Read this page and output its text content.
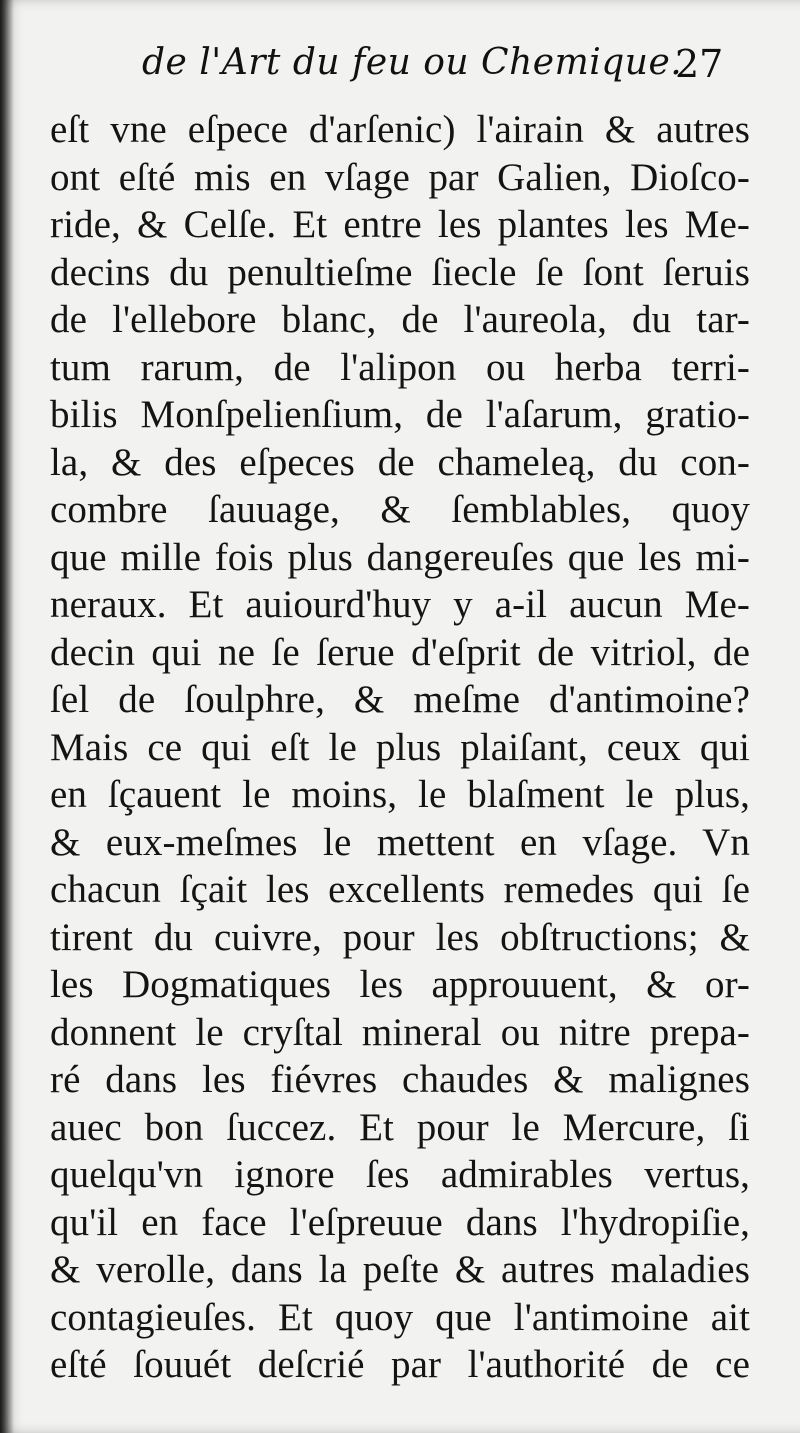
de l'Art du feu ou Chemique.
27
eſt vne eſpece d'arſenic) l'airain & autres
ont eſté mis en vſage par Galien, Dioſco-
ride, & Celſe. Et entre les plantes les Me-
decins du penultieſme ſiecle ſe ſont ſeruis
de l'ellebore blanc, de l'aureola, du tar-
tum rarum, de l'alipon ou herba terri-
bilis Monſpelienſium, de l'aſarum, gratio-
la, & des eſpeces de chameleą, du con-
combre ſauuage, & ſemblables, quoy
que mille fois plus dangereuſes que les mi-
neraux. Et auiourd'huy y a-il aucun Me-
decin qui ne ſe ſerue d'eſprit de vitriol, de
ſel de ſoulphre, & meſme d'antimoine?
Mais ce qui eſt le plus plaiſant, ceux qui
en ſçauent le moins, le blaſment le plus,
& eux-meſmes le mettent en vſage. Vn
chacun ſçait les excellents remedes qui ſe
tirent du cuivre, pour les obſtructions; &
les Dogmatiques les approuuent, & or-
donnent le cryſtal mineral ou nitre prepa-
ré dans les fiévres chaudes & malignes
auec bon ſuccez. Et pour le Mercure, ſi
quelqu'vn ignore ſes admirables vertus,
qu'il en face l'eſpreuue dans l'hydropiſie,
& verolle, dans la peſte & autres maladies
contagieuſes. Et quoy que l'antimoine ait
eſté ſouuét deſcrié par l'authorité de ce
